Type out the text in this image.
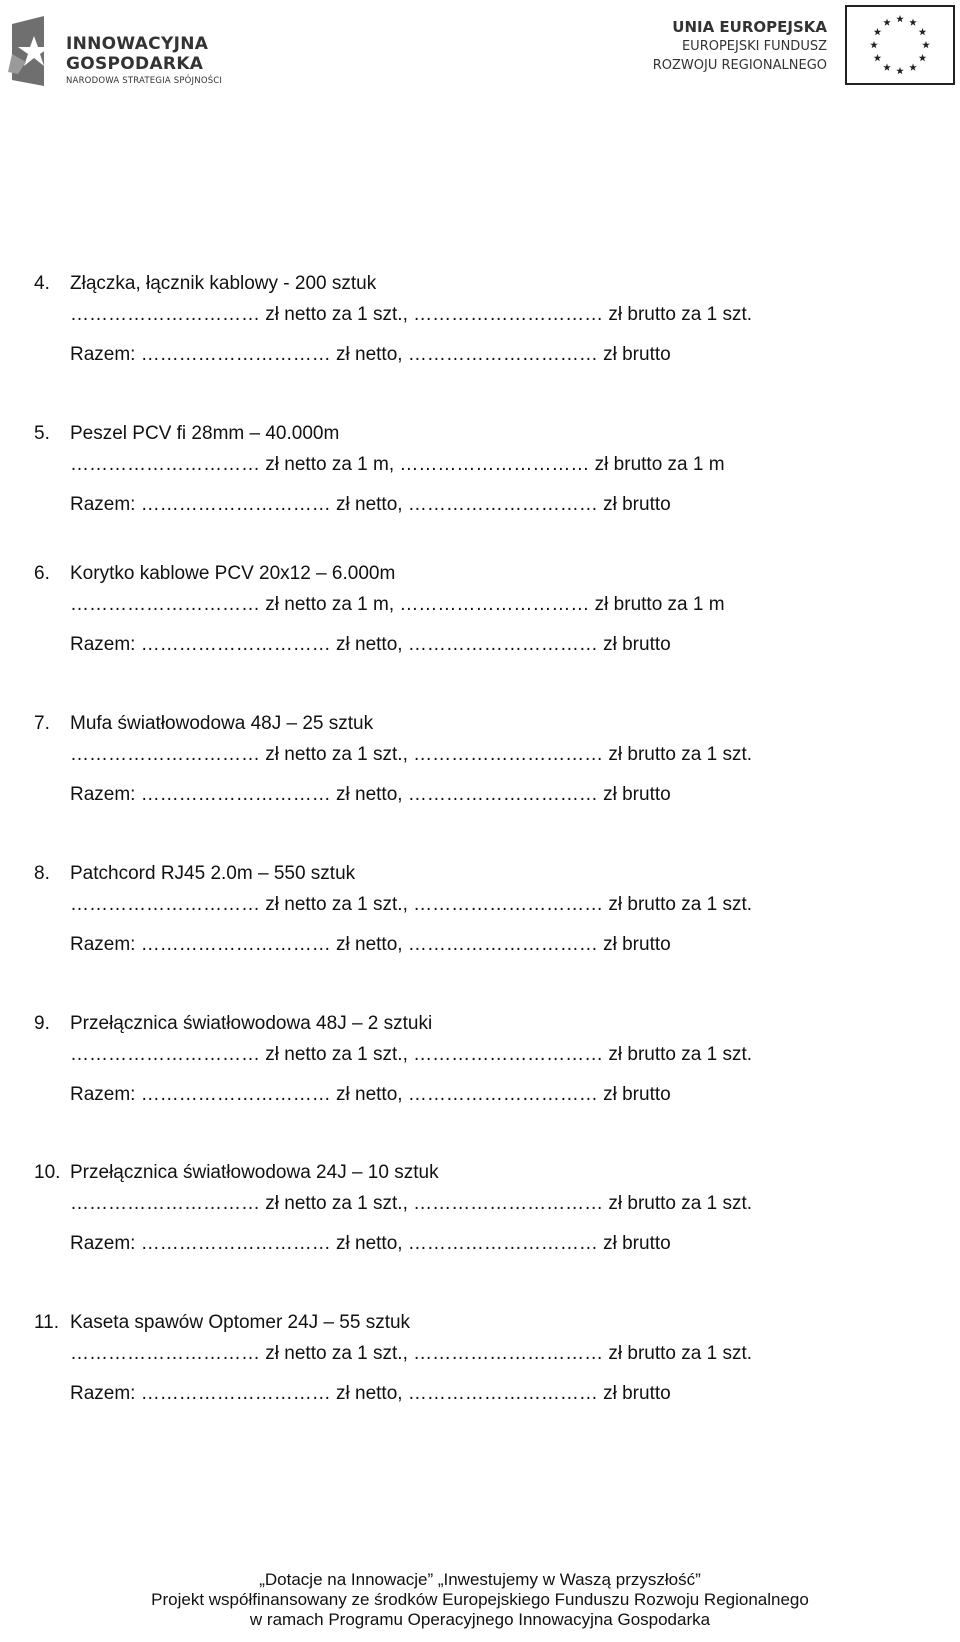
INNOWACYJNA
GOSPODARKA
NARODOWA STRATEGIA SPÓJNOŚCI
UNIA EUROPEJSKA
EUROPEJSKI FUNDUSZ
ROZWOJU REGIONALNEGO
4. Złączka, łącznik kablowy - 200 sztuk
………………………… zł netto za 1 szt., ………………………… zł brutto za 1 szt.
Razem: ………………………… zł netto, ………………………… zł brutto
5. Peszel PCV fi 28mm – 40.000m
………………………… zł netto za 1 m, ………………………… zł brutto za 1 m
Razem: ………………………… zł netto, ………………………… zł brutto
6. Korytko kablowe PCV 20x12 – 6.000m
………………………… zł netto za 1 m, ………………………… zł brutto za 1 m
Razem: ………………………… zł netto, ………………………… zł brutto
7. Mufa światłowodowa 48J – 25 sztuk
………………………… zł netto za 1 szt., ………………………… zł brutto za 1 szt.
Razem: ………………………… zł netto, ………………………… zł brutto
8. Patchcord RJ45 2.0m – 550 sztuk
………………………… zł netto za 1 szt., ………………………… zł brutto za 1 szt.
Razem: ………………………… zł netto, ………………………… zł brutto
9. Przełącznica światłowodowa 48J – 2 sztuki
………………………… zł netto za 1 szt., ………………………… zł brutto za 1 szt.
Razem: ………………………… zł netto, ………………………… zł brutto
10. Przełącznica światłowodowa 24J – 10 sztuk
………………………… zł netto za 1 szt., ………………………… zł brutto za 1 szt.
Razem: ………………………… zł netto, ………………………… zł brutto
11. Kaseta spawów Optomer 24J – 55 sztuk
………………………… zł netto za 1 szt., ………………………… zł brutto za 1 szt.
Razem: ………………………… zł netto, ………………………… zł brutto
„Dotacje na Innowacje” „Inwestujemy w Waszą przyszłość”
Projekt współfinansowany ze środków Europejskiego Funduszu Rozwoju Regionalnego
w ramach Programu Operacyjnego Innowacyjna Gospodarka
